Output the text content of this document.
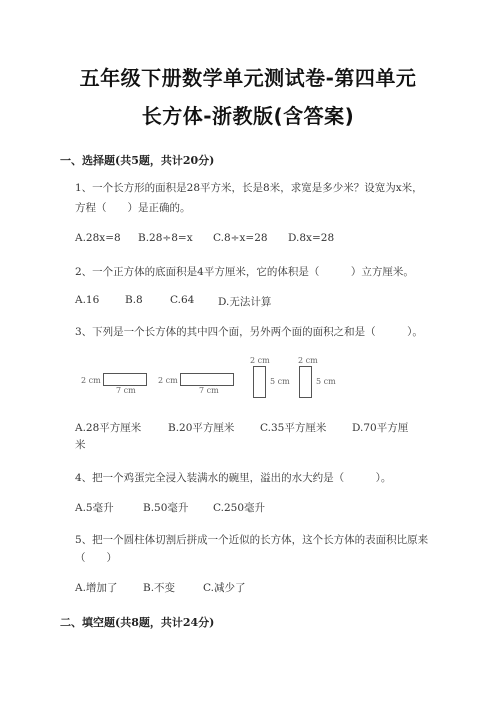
五年级下册数学单元测试卷-第四单元
长方体-浙教版(含答案)
一、选择题(共5题，共计20分)
1、一个长方形的面积是28平方米，长是8米，求宽是多少米？设宽为x米，
方程（　　）是正确的。
A.28x=8 B.28÷8=x C.8÷x=28 D.8x=28
2、一个正方体的底面积是4平方厘米，它的体积是（　　　）立方厘米。
A.16 B.8	C.64 D.无法计算
3、下列是一个长方体的其中四个面，另外两个面的面积之和是（　　　）。
2 cm
7 cm
2 cm
7 cm
2 cm
5 cm
2 cm
5 cm
A.28平方厘米	B.20平方厘米 C.35平方厘米 D.70平方厘
米
4、把一个鸡蛋完全浸入装满水的碗里，溢出的水大约是（　　　）。
A.5毫升	B.50毫升 C.250毫升
5、把一个圆柱体切割后拼成一个近似的长方体，这个长方体的表面积比原来
（　　）
A.增加了 B.不变	C.减少了
二、填空题(共8题，共计24分)
